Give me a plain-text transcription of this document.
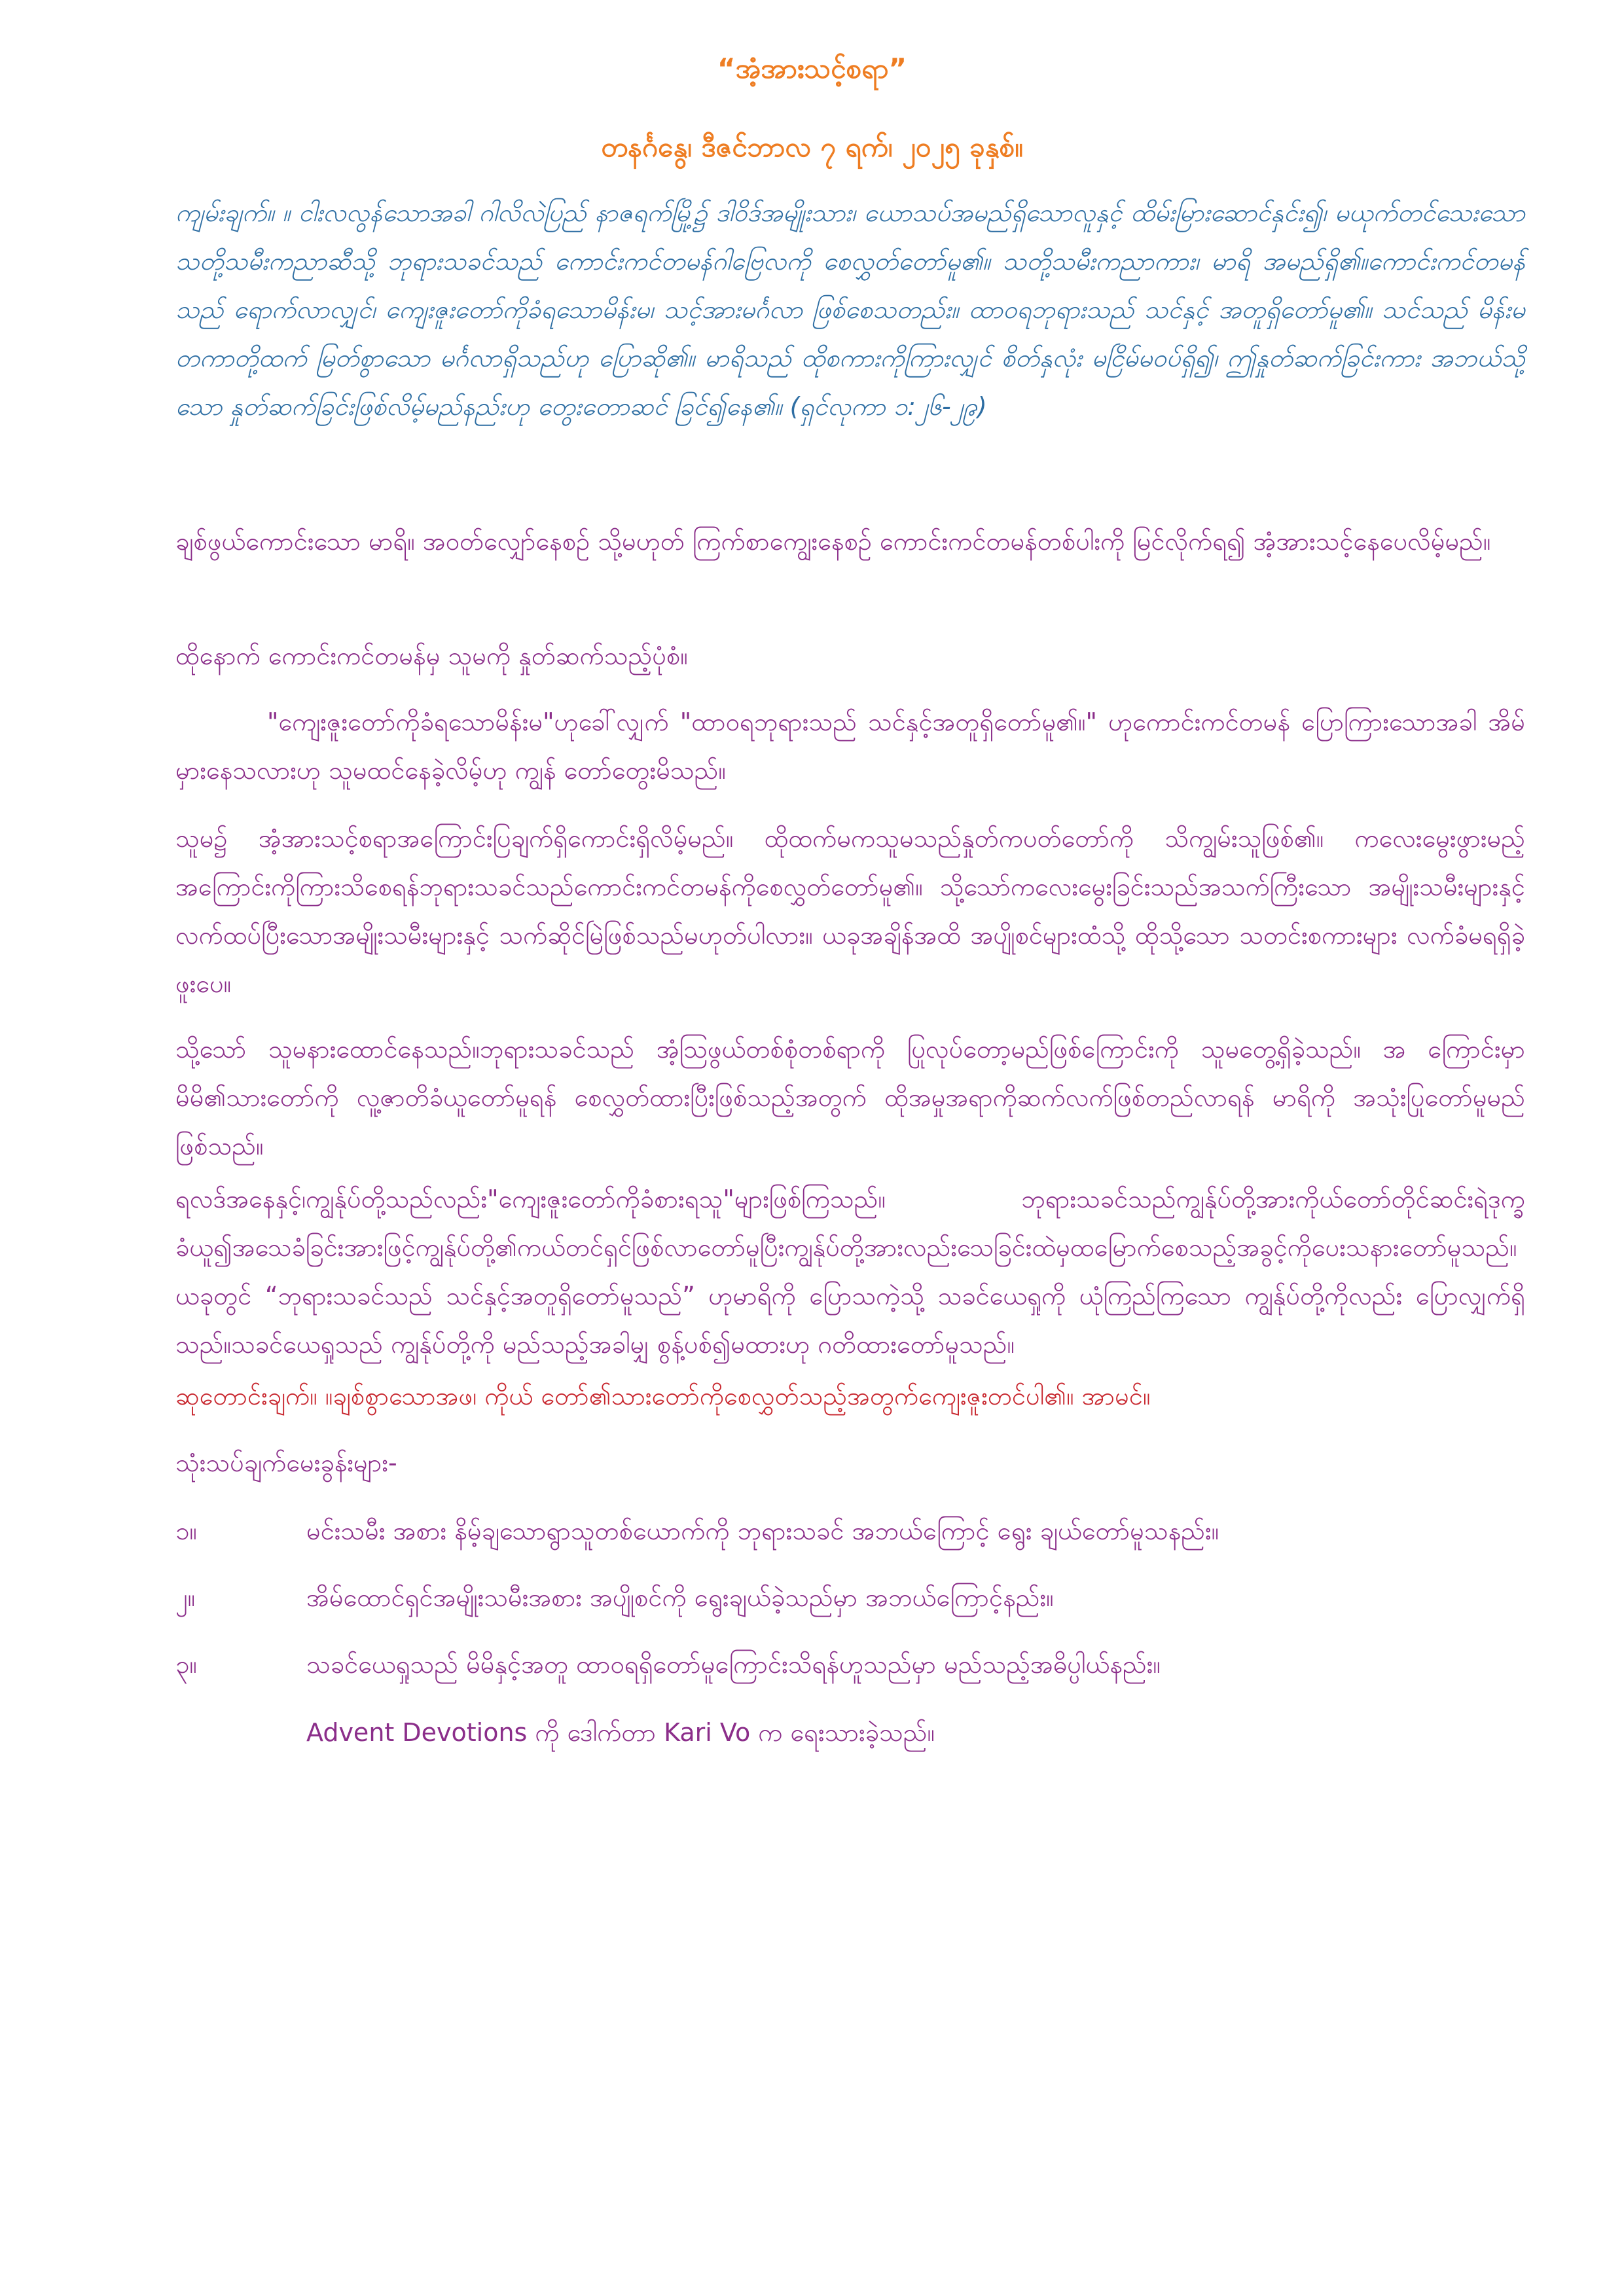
“အံ့အားသင့်စရာ”
တနင်္ဂနွေ၊ ဒီဇင်ဘာလ ၇ ရက်၊ ၂၀၂၅ ခုနှစ်။

ကျမ်းချက်။ ။ ငါးလလွန်သောအခါ ဂါလိလဲပြည် နာဇရက်မြို့၌ ဒါဝိဒ်အမျိုးသား၊ ယောသပ်အမည်ရှိသောလူနှင့် ထိမ်းမြားဆောင်နှင်း၍၊ မယုက်တင်သေးသော သတို့သမီးကညာဆီသို့ ဘုရားသခင်သည် ကောင်းကင်တမန်ဂါဗြေလကို စေလွှတ်တော်မူ၏။ သတို့သမီးကညာကား၊ မာရိ အမည်ရှိ၏။ကောင်းကင်တမန်သည် ရောက်လာလျှင်၊ ကျေးဇူးတော်ကိုခံရသောမိန်းမ၊ သင့်အားမင်္ဂလာ ဖြစ်စေသတည်း။ ထာဝရဘုရားသည် သင်နှင့် အတူရှိတော်မူ၏။ သင်သည် မိန်းမတကာတို့ထက် မြတ်စွာသော မင်္ဂလာရှိသည်ဟု ပြောဆို၏။ မာရိသည် ထိုစကားကိုကြားလျှင် စိတ်နှလုံး မငြိမ်မဝပ်ရှိ၍၊ ဤနှုတ်ဆက်ခြင်းကား အဘယ်သို့သော နှုတ်ဆက်ခြင်းဖြစ်လိမ့်မည်နည်းဟု တွေးတောဆင် ခြင်၍နေ၏။ (ရှင်လုကာ ၁:၂၆-၂၉)

ချစ်ဖွယ်ကောင်းသော မာရိ။ အဝတ်လျှော်နေစဉ် သို့မဟုတ် ကြက်စာကျွေးနေစဉ် ကောင်းကင်တမန်တစ်ပါးကို မြင်လိုက်ရ၍ အံ့အားသင့်နေပေလိမ့်မည်။

ထိုနောက် ကောင်းကင်တမန်မှ သူမကို နှုတ်ဆက်သည့်ပုံစံ။

"ကျေးဇူးတော်ကိုခံရသောမိန်းမ"ဟုခေါ်လျှက် "ထာဝရဘုရားသည် သင်နှင့်အတူရှိတော်မူ၏။" ဟုကောင်းကင်တမန် ပြောကြားသောအခါ အိမ်မှားနေသလားဟု သူမထင်နေခဲ့လိမ့်ဟု ကျွန် တော်တွေးမိသည်။

သူမ၌ အံ့အားသင့်စရာအကြောင်းပြချက်ရှိကောင်းရှိလိမ့်မည်။ ထိုထက်မကသူမသည်နှုတ်ကပတ်တော်ကို သိကျွမ်းသူဖြစ်၏။ ကလေးမွေးဖွားမည့်အကြောင်းကိုကြားသိစေရန်ဘုရားသခင်သည်ကောင်းကင်တမန်ကိုစေလွှတ်တော်မူ၏။ သို့သော်ကလေးမွေးခြင်းသည်အသက်ကြီးသော အမျိုးသမီးများနှင့် လက်ထပ်ပြီးသောအမျိုးသမီးများနှင့် သက်ဆိုင်မြဲဖြစ်သည်မဟုတ်ပါလား။ ယခုအချိန်အထိ အပျိုစင်များထံသို့ ထိုသို့သော သတင်းစကားများ လက်ခံမရရှိခဲ့ဖူးပေ။

သို့သော် သူမနားထောင်နေသည်။ဘုရားသခင်သည် အံ့ဩဖွယ်တစ်စုံတစ်ရာကို ပြုလုပ်တော့မည်ဖြစ်ကြောင်းကို သူမတွေ့ရှိခဲ့သည်။ အ ကြောင်းမှာ မိမိ၏သားတော်ကို လူ့ဇာတိခံယူတော်မူရန် စေလွှတ်ထားပြီးဖြစ်သည့်အတွက် ထိုအမှုအရာကိုဆက်လက်ဖြစ်တည်လာရန် မာရိကို အသုံးပြုတော်မူမည်ဖြစ်သည်။

ရလဒ်အနေနှင့်၊ကျွန်ုပ်တို့သည်လည်း"ကျေးဇူးတော်ကိုခံစားရသူ"များဖြစ်ကြသည်။ ဘုရားသခင်သည်ကျွန်ုပ်တို့အားကိုယ်တော်တိုင်ဆင်းရဲဒုက္ခခံယူ၍အသေခံခြင်းအားဖြင့်ကျွန်ုပ်တို့၏ကယ်တင်ရှင်ဖြစ်လာတော်မူပြီးကျွန်ုပ်တို့အားလည်းသေခြင်းထဲမှထမြောက်စေသည့်အခွင့်ကိုပေးသနားတော်မူသည်။ ယခုတွင် “ဘုရားသခင်သည် သင်နှင့်အတူရှိတော်မူသည်” ဟုမာရိကို ပြောသကဲ့သို့ သခင်ယေရှုကို ယုံကြည်ကြသော ကျွန်ုပ်တို့ကိုလည်း ပြောလျှက်ရှိသည်။သခင်ယေရှုသည် ကျွန်ုပ်တို့ကို မည်သည့်အခါမျှ စွန့်ပစ်၍မထားဟု ဂတိထားတော်မူသည်။

ဆုတောင်းချက်။ ။ချစ်စွာသောအဖ၊ ကိုယ် တော်၏သားတော်ကိုစေလွှတ်သည့်အတွက်ကျေးဇူးတင်ပါ၏။ အာမင်။

သုံးသပ်ချက်မေးခွန်းများ-

၁။	မင်းသမီး အစား နိမ့်ချသောရွာသူတစ်ယောက်ကို ဘုရားသခင် အဘယ်ကြောင့် ရွေး ချယ်တော်မူသနည်း။
၂။	အိမ်ထောင်ရှင်အမျိုးသမီးအစား အပျိုစင်ကို ရွေးချယ်ခဲ့သည်မှာ အဘယ်ကြောင့်နည်း။
၃။	သခင်ယေရှုသည် မိမိနှင့်အတူ ထာဝရရှိတော်မူကြောင်းသိရန်ဟူသည်မှာ မည်သည့်အဓိပ္ပါယ်နည်း။

Advent Devotions ကို ဒေါက်တာ Kari Vo က ရေးသားခဲ့သည်။
